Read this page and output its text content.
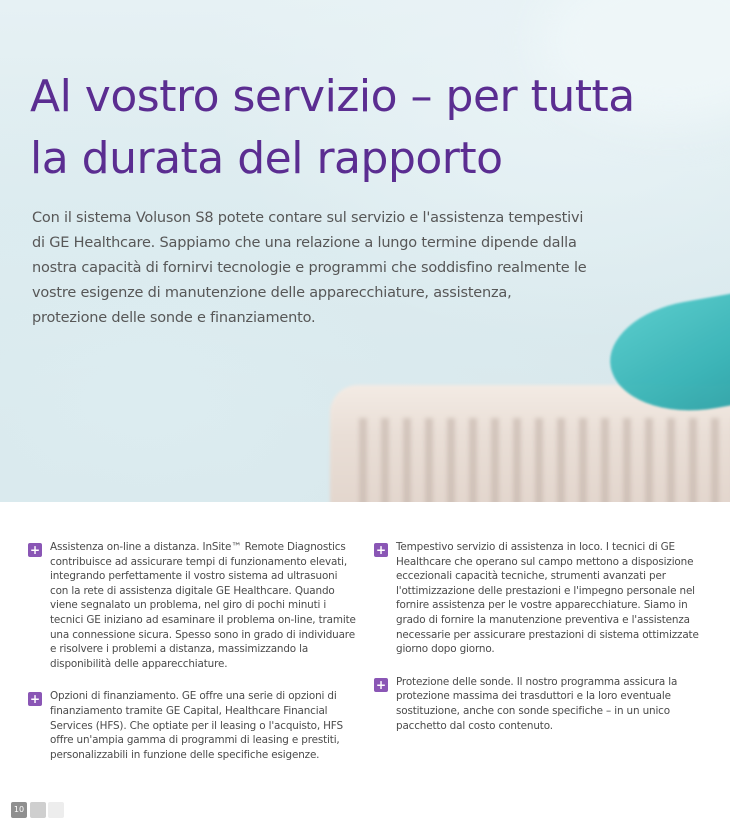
Al vostro servizio – per tutta
la durata del rapporto

Con il sistema Voluson S8 potete contare sul servizio e l'assistenza tempestivi di GE Healthcare. Sappiamo che una relazione a lungo termine dipende dalla nostra capacità di fornirvi tecnologie e programmi che soddisfino realmente le vostre esigenze di manutenzione delle apparecchiature, assistenza, protezione delle sonde e finanziamento.

+ Assistenza on-line a distanza. InSite™ Remote Diagnostics contribuisce ad assicurare tempi di funzionamento elevati, integrando perfettamente il vostro sistema ad ultrasuoni con la rete di assistenza digitale GE Healthcare. Quando viene segnalato un problema, nel giro di pochi minuti i tecnici GE iniziano ad esaminare il problema on-line, tramite una connessione sicura. Spesso sono in grado di individuare e risolvere i problemi a distanza, massimizzando la disponibilità delle apparecchiature.
+ Opzioni di finanziamento. GE offre una serie di opzioni di finanziamento tramite GE Capital, Healthcare Financial Services (HFS). Che optiate per il leasing o l'acquisto, HFS offre un'ampia gamma di programmi di leasing e prestiti, personalizzabili in funzione delle specifiche esigenze.
+ Tempestivo servizio di assistenza in loco. I tecnici di GE Healthcare che operano sul campo mettono a disposizione eccezionali capacità tecniche, strumenti avanzati per l'ottimizzazione delle prestazioni e l'impegno personale nel fornire assistenza per le vostre apparecchiature. Siamo in grado di fornire la manutenzione preventiva e l'assistenza necessarie per assicurare prestazioni di sistema ottimizzate giorno dopo giorno.
+ Protezione delle sonde. Il nostro programma assicura la protezione massima dei trasduttori e la loro eventuale sostituzione, anche con sonde specifiche – in un unico pacchetto dal costo contenuto.
10
